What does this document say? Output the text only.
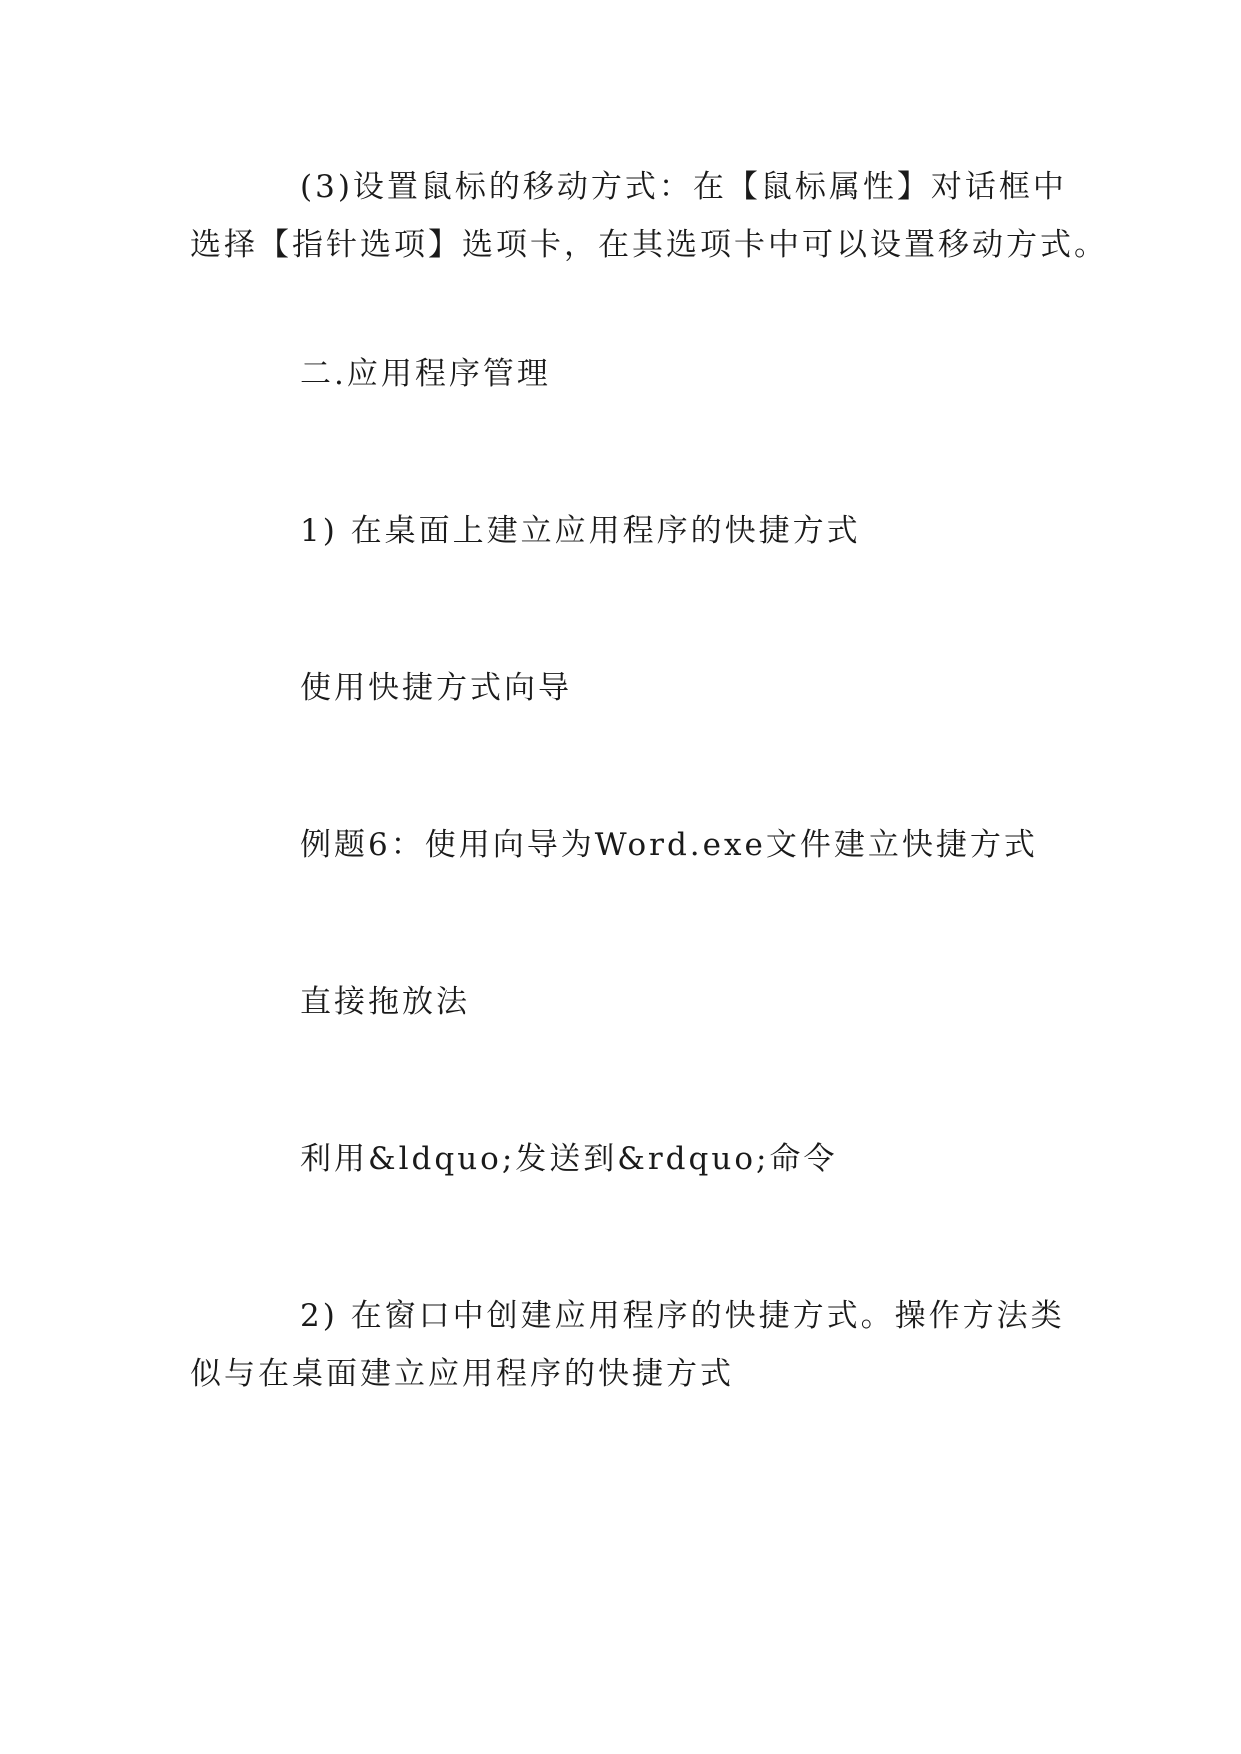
(3)设置鼠标的移动方式：在【鼠标属性】对话框中
选择【指针选项】选项卡，在其选项卡中可以设置移动方式。

二.应用程序管理

1) 在桌面上建立应用程序的快捷方式

使用快捷方式向导

例题6：使用向导为Word.exe文件建立快捷方式

直接拖放法

利用&ldquo;发送到&rdquo;命令

2) 在窗口中创建应用程序的快捷方式。操作方法类
似与在桌面建立应用程序的快捷方式
